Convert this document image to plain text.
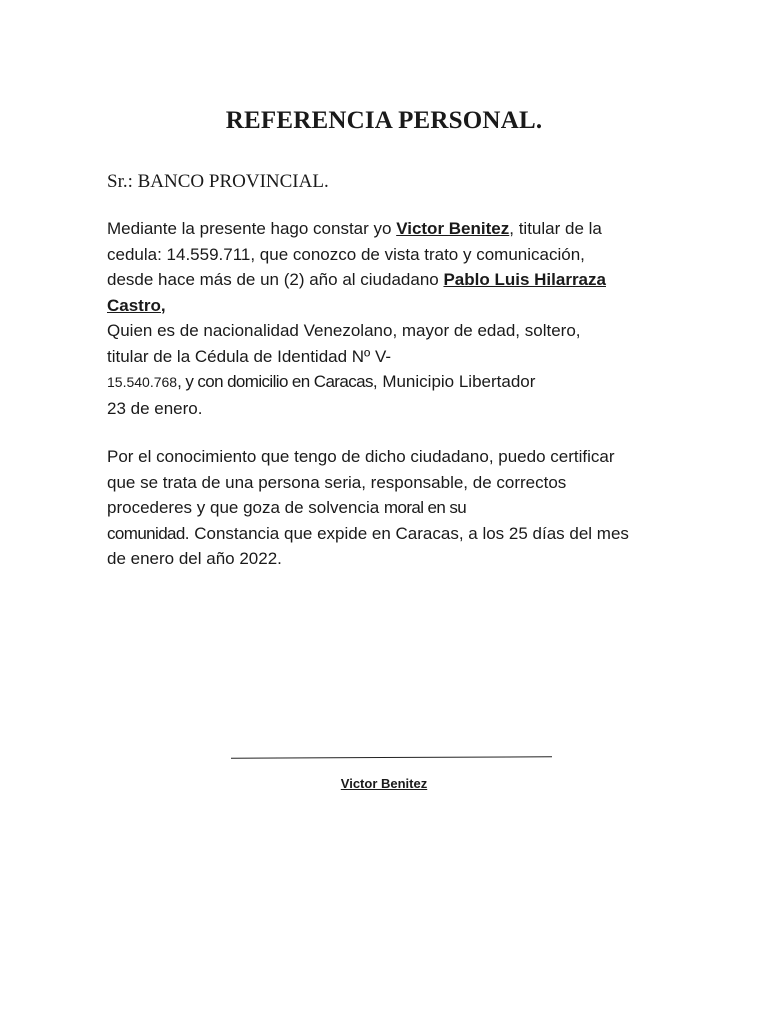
REFERENCIA PERSONAL.
Sr.: BANCO PROVINCIAL.
Mediante la presente hago constar yo Victor Benitez, titular de la
cedula: 14.559.711, que conozco de vista trato y comunicación,
desde hace más de un (2) año al ciudadano Pablo Luis Hilarraza
Castro,
Quien es de nacionalidad Venezolano, mayor de edad, soltero,
titular de la Cédula de Identidad Nº V-
15.540.768, y con domicilio en Caracas, Municipio Libertador
23 de enero.
Por el conocimiento que tengo de dicho ciudadano, puedo certificar
que se trata de una persona seria, responsable, de correctos
procederes y que goza de solvencia moral en su
comunidad. Constancia que expide en Caracas, a los 25 días del mes
de enero del año 2022.
Victor Benitez
